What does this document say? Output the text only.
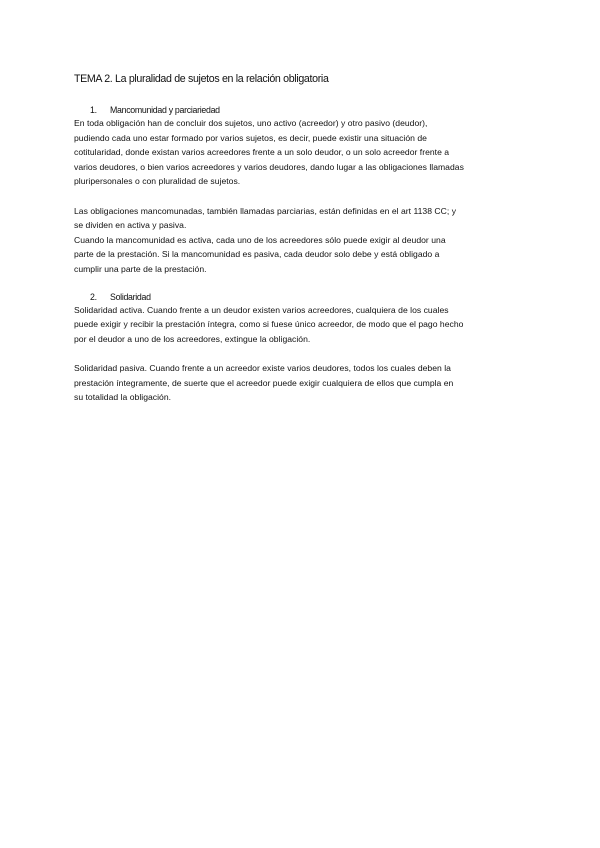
TEMA 2. La pluralidad de sujetos en la relación obligatoria
1.	Mancomunidad y parciariedad

En toda obligación han de concluir dos sujetos, uno activo (acreedor) y otro pasivo (deudor),

pudiendo cada uno estar formado por varios sujetos, es decir, puede existir una situación de

cotitularidad, donde existan varios acreedores frente a un solo deudor, o un solo acreedor frente a

varios deudores, o bien varios acreedores y varios deudores, dando lugar a las obligaciones llamadas

pluripersonales o con pluralidad de sujetos.

Las obligaciones mancomunadas, también llamadas parciarias, están definidas en el art 1138 CC; y

se dividen en activa y pasiva.

Cuando la mancomunidad es activa, cada uno de los acreedores sólo puede exigir al deudor una

parte de la prestación. Si la mancomunidad es pasiva, cada deudor solo debe y está obligado a

cumplir una parte de la prestación.

2.	Solidaridad

Solidaridad activa. Cuando frente a un deudor existen varios acreedores, cualquiera de los cuales

puede exigir y recibir la prestación íntegra, como si fuese único acreedor, de modo que el pago hecho

por el deudor a uno de los acreedores, extingue la obligación.

Solidaridad pasiva. Cuando frente a un acreedor existe varios deudores, todos los cuales deben la

prestación íntegramente, de suerte que el acreedor puede exigir cualquiera de ellos que cumpla en

su totalidad la obligación.
